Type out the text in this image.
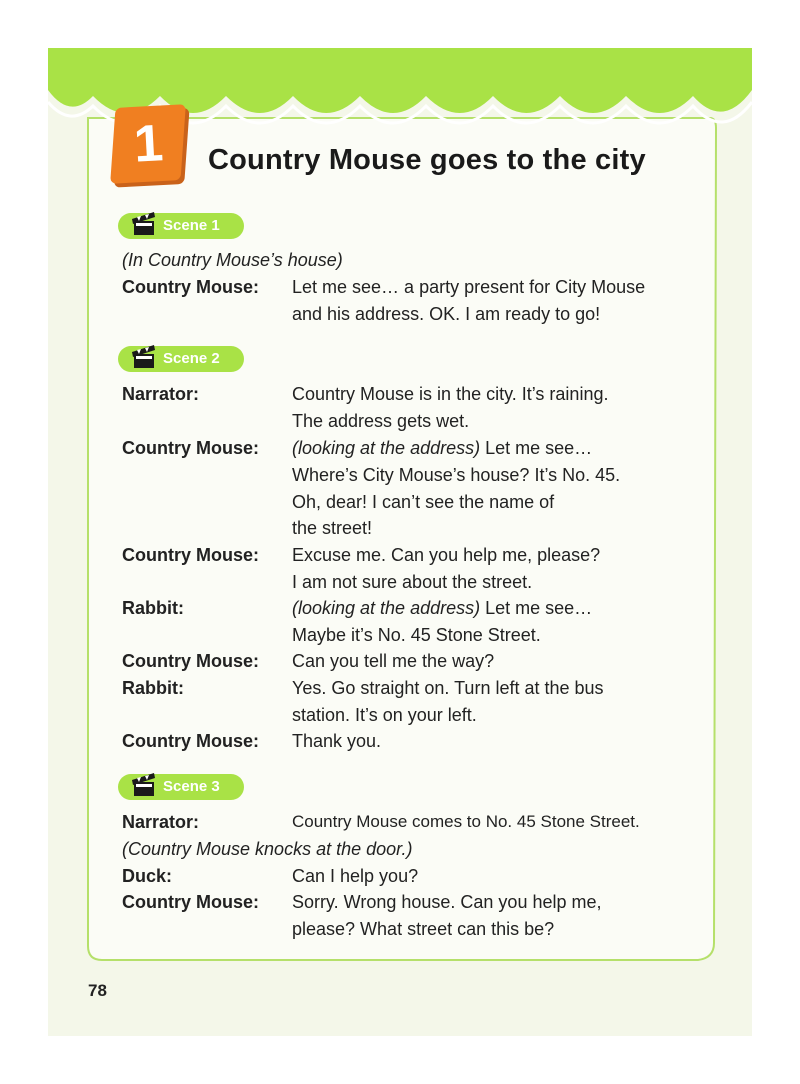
1 Country Mouse goes to the city
Scene 1
(In Country Mouse’s house)
Country Mouse: Let me see… a party present for City Mouse
and his address. OK. I am ready to go!
Scene 2
Narrator:	Country Mouse is in the city. It’s raining.
The address gets wet.
Country Mouse: (looking at the address) Let me see…
Where’s City Mouse’s house? It’s No. 45.
Oh, dear! I can’t see the name of
the street!
Country Mouse: Excuse me. Can you help me, please?
I am not sure about the street.
Rabbit:	(looking at the address) Let me see…
Maybe it’s No. 45 Stone Street.
Country Mouse: Can you tell me the way?
Rabbit:	Yes. Go straight on. Turn left at the bus
station. It’s on your left.
Country Mouse: Thank you.
Scene 3
Narrator:	Country Mouse comes to No. 45 Stone Street.
(Country Mouse knocks at the door.)
Duck:	Can I help you?
Country Mouse: Sorry. Wrong house. Can you help me,
please? What street can this be?
78
